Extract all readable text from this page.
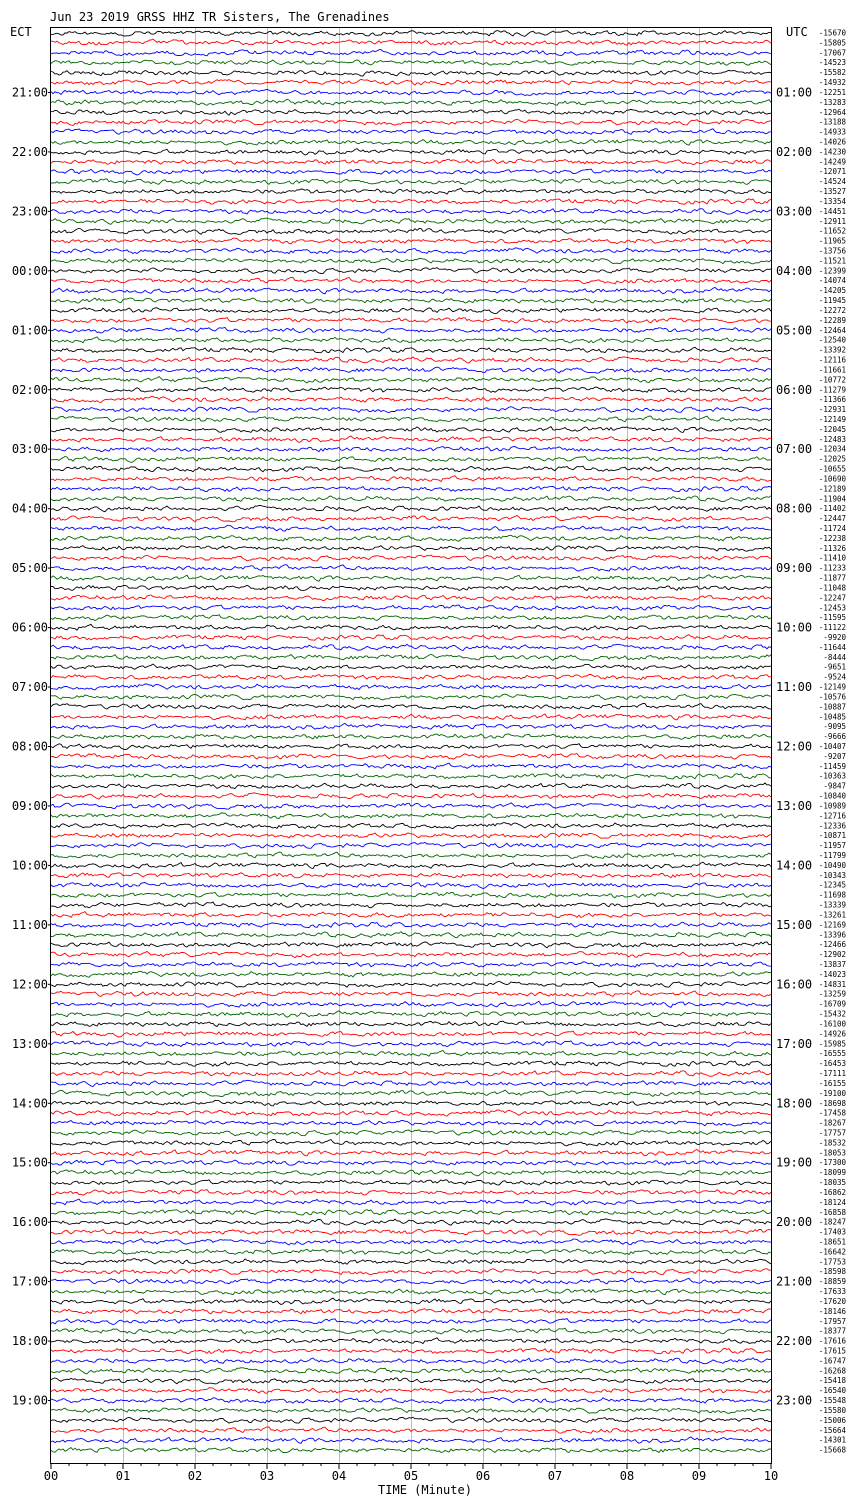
Jun 23 2019 GRSS HHZ TR Sisters, The Grenadines
ECT	UTC
TIME (Minute)
-15670
-15805
-17067
-14523
-15582
-14932
-12251
-13283
-12964
-13188
-14933
-14026
-14230
-14249
-12071
-14524
-13527
-13354
-14451
-12911
-11652
-11965
-13756
-11521
-12399
-14074
-14205
-11945
-12272
-12289
-12464
-12540
-13392
-12116
-11661
-10772
-11279
-11366
-12931
-12149
-12045
-12483
-12034
-12025
-10655
-10690
-12189
-11904
-11402
-12447
-11724
-12238
-11326
-11410
-11233
-11877
-11048
-12247
-12453
-11595
-11122
-9920
-11644
-8444
-9651
-9524
-12149
-10576
-10887
-10485
-9095
-9666
-10407
-9207
-11459
-10363
-9847
-10840
-10989
-12716
-12336
-10871
-11957
-11799
-10490
-10343
-12345
-11698
-13339
-13261
-12169
-13396
-12466
-12902
-13837
-14023
-14831
-13259
-16709
-15432
-16100
-14926
-15985
-16555
-16453
-17111
-16155
-19100
-18698
-17458
-18267
-17757
-18532
-18053
-17300
-18099
-18035
-16862
-18124
-16858
-18247
-17403
-18651
-16642
-17753
-18598
-18859
-17633
-17620
-18146
-17957
-18377
-17616
-17615
-16747
-16268
-15418
-16540
-15548
-15580
-15006
-15664
-14301
-15668
21:00	01:00
22:00	02:00
23:00	03:00
00:00	04:00
01:00	05:00
02:00	06:00
03:00	07:00
04:00	08:00
05:00	09:00
06:00	10:00
07:00	11:00
08:00	12:00
09:00	13:00
10:00	14:00
11:00	15:00
12:00	16:00
13:00	17:00
14:00	18:00
15:00	19:00
16:00	20:00
17:00	21:00
18:00	22:00
19:00	23:00
00	01	02	03	04	05	06	07	08	09	10
